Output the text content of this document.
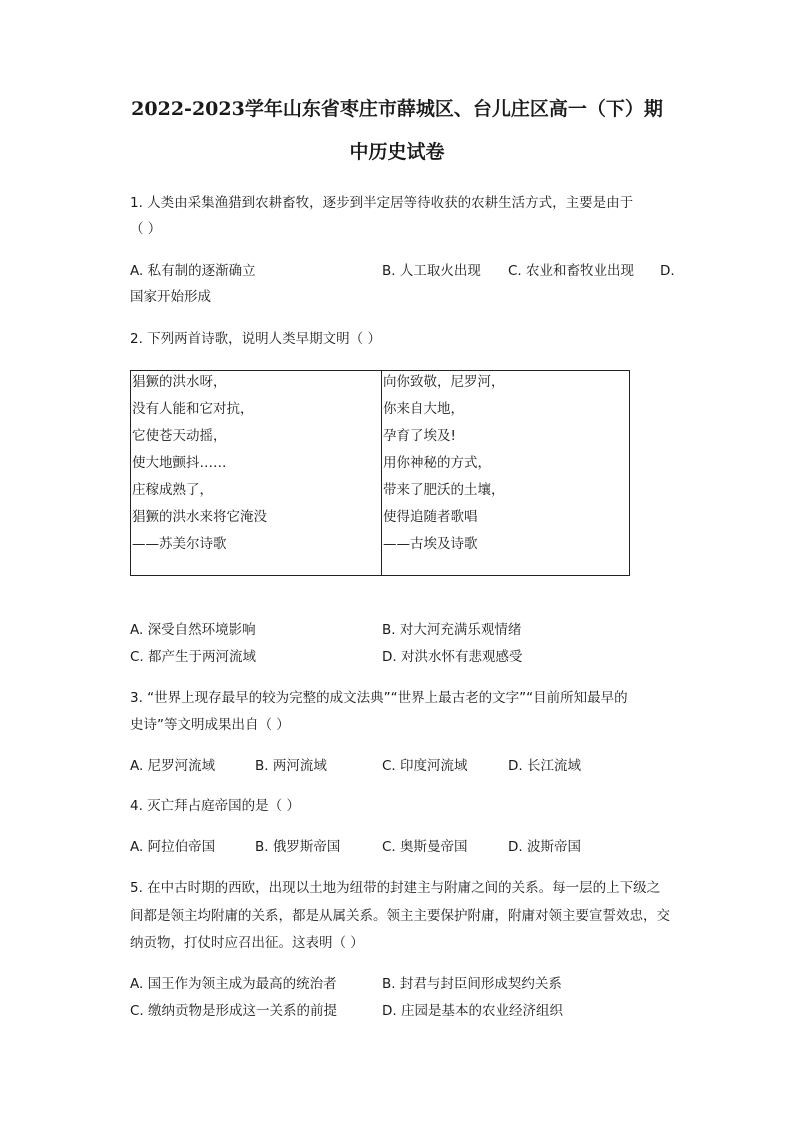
2022-2023学年山东省枣庄市薛城区、台儿庄区高一（下）期
中历史试卷
1. 人类由采集渔猎到农耕畜牧，逐步到半定居等待收获的农耕生活方式，主要是由于
（ ）
A. 私有制的逐渐确立	B. 人工取火出现 C. 农业和畜牧业出现 D.
国家开始形成
2. 下列两首诗歌，说明人类早期文明（ ）
猖獗的洪水呀，
没有人能和它对抗，
它使苍天动摇，
使大地颤抖……
庄稼成熟了，
猖獗的洪水来将它淹没
——苏美尔诗歌
向你致敬，尼罗河，
你来自大地，
孕育了埃及!
用你神秘的方式，
带来了肥沃的土壤，
使得追随者歌唱
——古埃及诗歌
A. 深受自然环境影响	B. 对大河充满乐观情绪
C. 都产生于两河流域	D. 对洪水怀有悲观感受
3. “世界上现存最早的较为完整的成文法典”“世界上最古老的文字”“目前所知最早的
史诗”等文明成果出自（ ）
A. 尼罗河流域	B. 两河流域	C. 印度河流域	D. 长江流域
4. 灭亡拜占庭帝国的是（ ）
A. 阿拉伯帝国	B. 俄罗斯帝国	C. 奥斯曼帝国	D. 波斯帝国
5. 在中古时期的西欧，出现以土地为纽带的封建主与附庸之间的关系。每一层的上下级之
间都是领主均附庸的关系，都是从属关系。领主主要保护附庸，附庸对领主要宣誓效忠，交
纳贡物，打仗时应召出征。这表明（ ）
A. 国王作为领主成为最高的统治者	B. 封君与封臣间形成契约关系
C. 缴纳贡物是形成这一关系的前提	D. 庄园是基本的农业经济组织
